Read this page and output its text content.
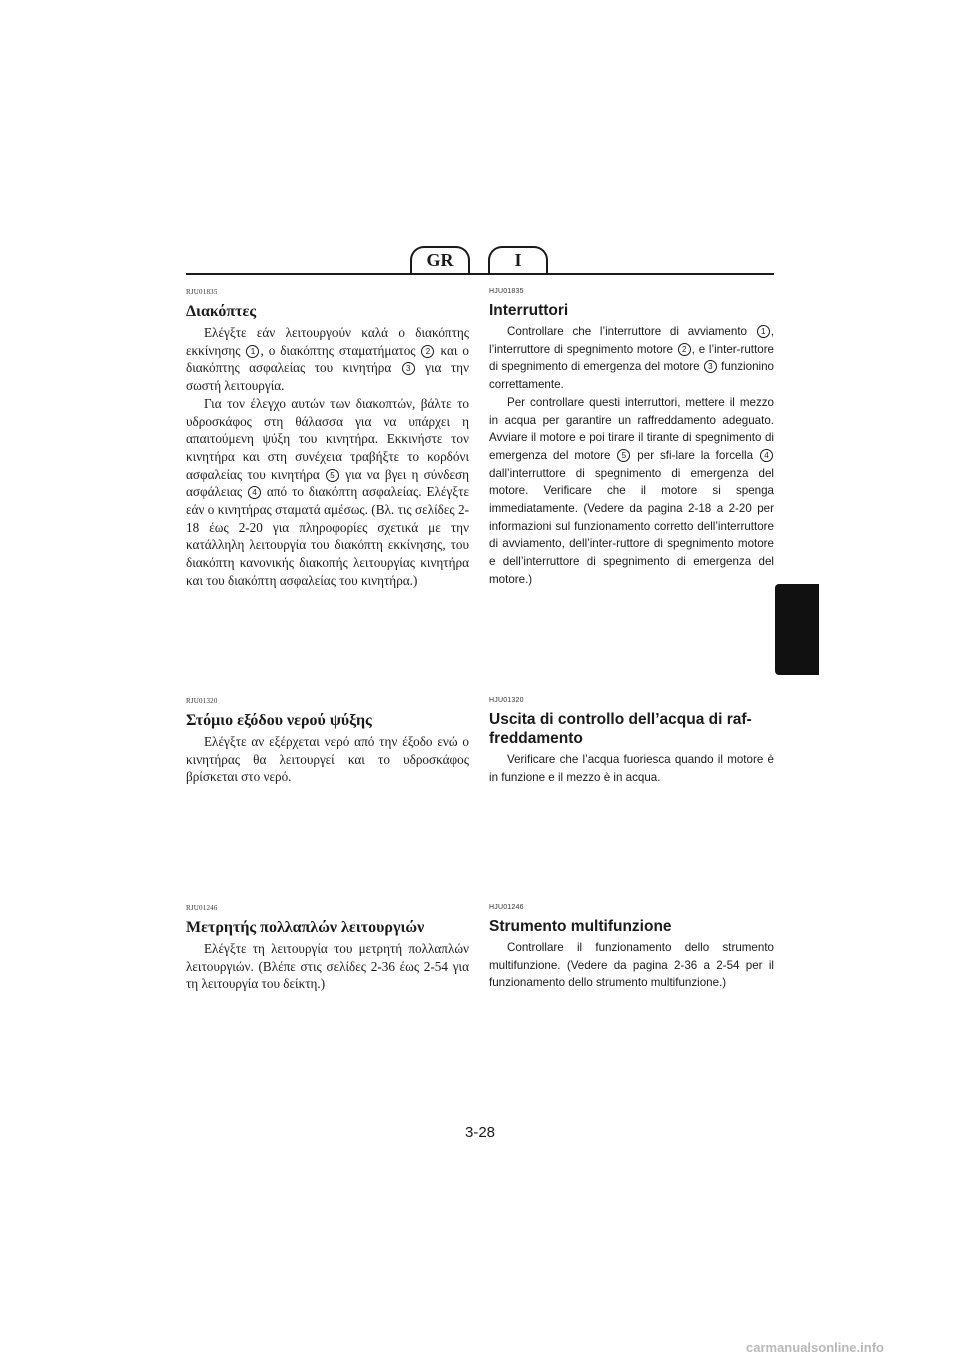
GR	I
RJU01835
Διακόπτες

Ελέγξτε εάν λειτουργούν καλά ο διακόπτης εκκίνησης 1 , ο διακόπτης σταματήματος 2 και ο διακόπτης ασφαλείας του κινητήρα 3 για την σωστή λειτουργία.

Για τον έλεγχο αυτών των διακοπτών, βάλτε το υδροσκάφος στη θάλασσα για να υπάρχει η απαιτούμενη ψύξη του κινητήρα. Εκκινήστε τον κινητήρα και στη συνέχεια τραβήξτε το κορδόνι ασφαλείας του κινητήρα 5 για να βγει η σύνδεση ασφάλειας 4 από το διακόπτη ασφαλείας. Ελέγξτε εάν ο κινητήρας σταματά αμέσως. (Βλ. τις σελίδες 2-18 έως 2-20 για πληροφορίες σχετικά με την κατάλληλη λειτουργία του διακόπτη εκκίνησης, του διακόπτη κανονικής διακοπής λειτουργίας κινητήρα και του διακόπτη ασφαλείας του κινητήρα.)

HJU01835
Interruttori

Controllare che l’interruttore di avviamento 1 , l’interruttore di spegnimento motore 2 , e l’inter-ruttore di spegnimento di emergenza del motore 3 funzionino correttamente.

Per controllare questi interruttori, mettere il mezzo in acqua per garantire un raffreddamento adeguato. Avviare il motore e poi tirare il tirante di spegnimento di emergenza del motore 5 per sfi-lare la forcella 4 dall’interruttore di spegnimento di emergenza del motore. Verificare che il motore si spenga immediatamente. (Vedere da pagina 2-18 a 2-20 per informazioni sul funzionamento corretto dell’interruttore di avviamento, dell’inter-ruttore di spegnimento motore e dell’interruttore di spegnimento di emergenza del motore.)

RJU01320
Στόμιο εξόδου νερού ψύξης

Ελέγξτε αν εξέρχεται νερό από την έξοδο ενώ ο κινητήρας θα λειτουργεί και το υδροσκάφος βρίσκεται στο νερό.

HJU01320
Uscita di controllo dell’acqua di raf-freddamento

Verificare che l’acqua fuoriesca quando il motore è in funzione e il mezzo è in acqua.

RJU01246
Μετρητής πολλαπλών λειτουργιών

Ελέγξτε τη λειτουργία του μετρητή πολλαπλών λειτουργιών. (Βλέπε στις σελίδες 2-36 έως 2-54 για τη λειτουργία του δείκτη.)

HJU01246
Strumento multifunzione

Controllare il funzionamento dello strumento multifunzione. (Vedere da pagina 2-36 a 2-54 per il funzionamento dello strumento multifunzione.)

3-28
carmanualsonline.info
